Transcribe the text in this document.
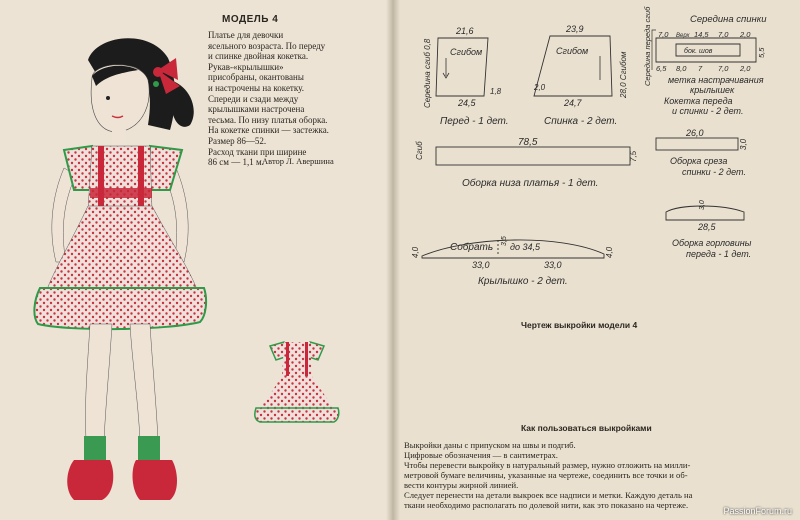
МОДЕЛЬ 4
Платье для девочки
ясельного возраста. По переду
и спинке двойная кокетка.
Рукав-«крылышки»
присобраны, окантованы
и настрочены на кокетку.
Спереди и сзади между
крылышками настрочена
тесьма. По низу платья оборка.
На кокетке спинки — застежка.
Размер 86—52.
Расход ткани при ширине
86 см — 1,1 м.
Автор Л. Авершина
21,6
Сгибом
24,5
1,8
Середина сгиб 0,8
Перед - 1 дет.
23,9
Сгибом
24,7
2,0	28,0 Сгибом
Спинка - 2 дет.
Середина спинки
Середина переда сгиб 7,0 Верх 14,5 7,0 2,0
бок. шов
6,5 8,0 7 7,0 2,0
5,5
метка настрачивания
крылышек
Кокетка переда
и спинки - 2 дет.
Сгиб	78,5
7,5
Оборка низа платья - 1 дет.
26,0
3,0
Оборка среза
спинки - 2 дет.
Собрать до 34,5
3,5
4,0	4,0
33,0	33,0
Крылышко - 2 дет.
28,5
3,0
Оборка горловины
переда - 1 дет.
Чертеж выкройки модели 4
Как пользоваться выкройками
Выкройки даны с припуском на швы и подгиб.
Цифровые обозначения — в сантиметрах.
Чтобы перевести выкройку в натуральный размер, нужно отложить на милли-
метровой бумаге величины, указанные на чертеже, соединить все точки и об-
вести контуры жирной линией.
Следует перенести на детали выкроек все надписи и метки. Каждую деталь на
ткани необходимо располагать по долевой нити, как это показано на чертеже.
PassionForum.ru
